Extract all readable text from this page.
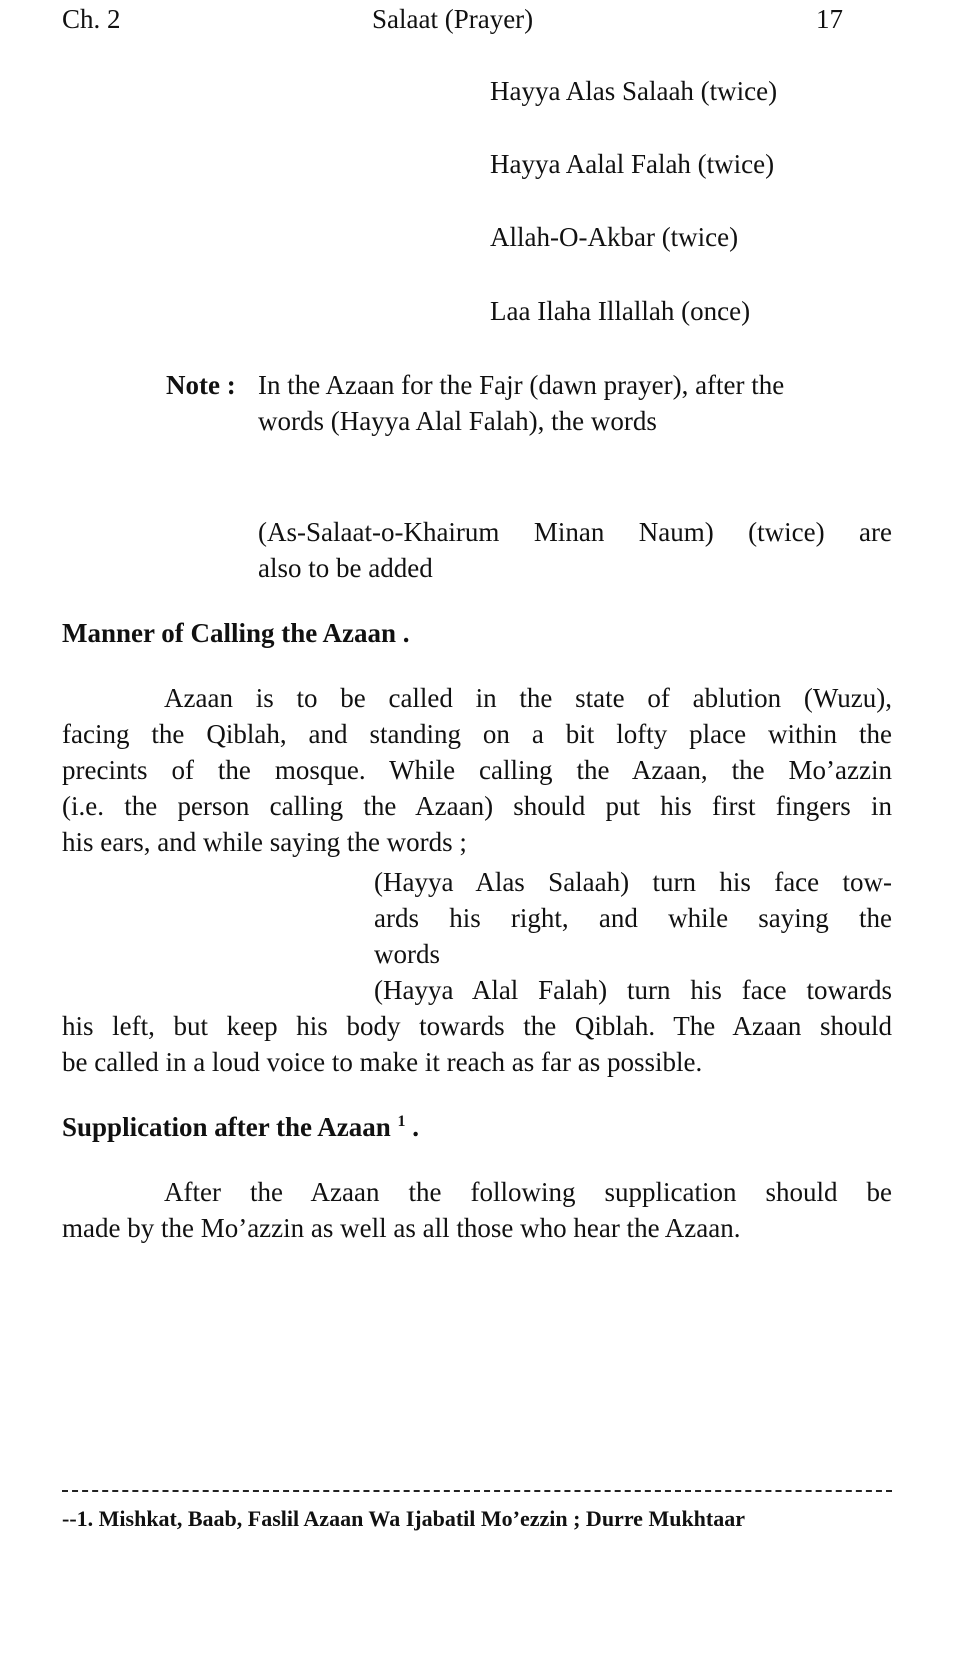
Ch. 2	Salaat (Prayer)	17
Hayya Alas Salaah (twice)
Hayya Aalal Falah (twice)
Allah-O-Akbar (twice)
Laa Ilaha Illallah (once)
Note : In the Azaan for the Fajr (dawn prayer), after the
words (Hayya Alal Falah), the words
(As-Salaat-o-Khairum Minan Naum) (twice) are
also to be added
Manner of Calling the Azaan .
Azaan is to be called in the state of ablution (Wuzu),
facing the Qiblah, and standing on a bit lofty place within the
precints of the mosque. While calling the Azaan, the Mo’azzin
(i.e. the person calling the Azaan) should put his first fingers in
his ears, and while saying the words ;
(Hayya Alas Salaah) turn his face tow-
ards his right, and while saying the
words
(Hayya Alal Falah) turn his face towards
his left, but keep his body towards the Qiblah. The Azaan should
be called in a loud voice to make it reach as far as possible.
Supplication after the Azaan $^1$ .
After the Azaan the following supplication should be
made by the Mo’azzin as well as all those who hear the Azaan.
--1. Mishkat, Baab, Faslil Azaan Wa Ijabatil Mo’ezzin ; Durre Mukhtaar
